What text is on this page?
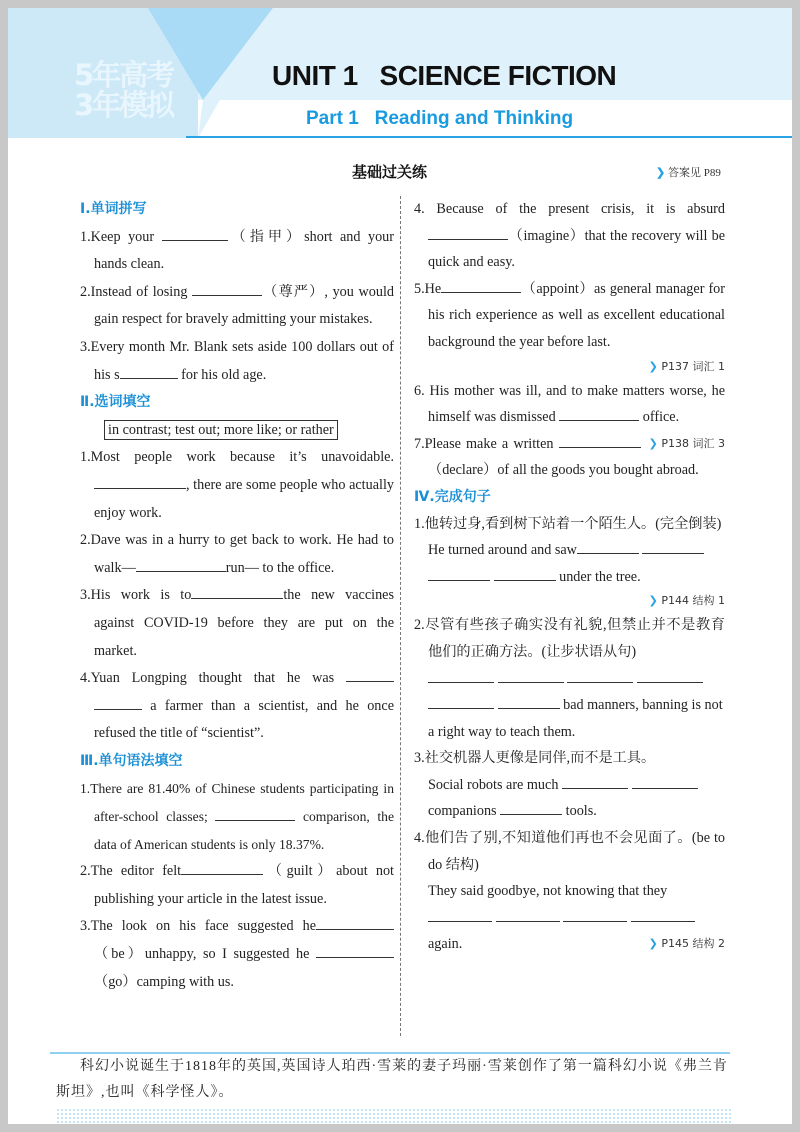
5年高考
3年模拟
UNIT 1   SCIENCE FICTION
Part 1   Reading and Thinking
基础过关练	❯ 答案见 P89
Ⅰ.单词拼写
1.Keep your	（指甲）short and your hands clean.
2.Instead of losing	（尊严）, you would gain respect for bravely admitting your mistakes.
3.Every month Mr. Blank sets aside 100 dollars out of his s	for his old age.
Ⅱ.选词填空
in contrast; test out; more like; or rather
1.Most people work because it’s unavoidable. , there are some people who actually enjoy work.
2.Dave was in a hurry to get back to work. He had to walk—	run— to the office.
3.His work is to	the new vaccines against COVID-19 before they are put on the market.
4.Yuan Longping thought that he was   a farmer than a scientist, and he once refused the title of “scientist”.
Ⅲ.单句语法填空
1.There are 81.40% of Chinese students participating in after-school classes;	comparison, the data of American students is only 18.37%.
2.The editor felt	（guilt）about not publishing your article in the latest issue.
3.The look on his face suggested he（be）unhappy, so I suggested he （go）camping with us.
4. Because of the present crisis, it is absurd （imagine）that the recovery will be quick and easy.
5.He	（appoint）as general manager for his rich experience as well as excellent educational background the year before last.
❯ P137 词汇 1
6. His mother was ill, and to make matters worse, he himself was dismissed	office.
❯ P138 词汇 3
7.Please make a written （declare）of all the goods you bought abroad.
Ⅳ.完成句子
1.他转过身,看到树下站着一个陌生人。(完全倒装)
He turned around and saw
under the tree.
❯ P144 结构 1
2.尽管有些孩子确实没有礼貌,但禁止并不是教育他们的正确方法。(让步状语从句)

bad manners, banning is not a right way to teach them.
3.社交机器人更像是同伴,而不是工具。
Social robots are much
companions	tools.
4.他们告了别,不知道他们再也不会见面了。(be to do 结构)
They said goodbye, not knowing that they

again.	❯ P145 结构 2
科幻小说诞生于1818年的英国,英国诗人珀西·雪莱的妻子玛丽·雪莱创作了第一篇科幻小说《弗兰肯斯坦》,也叫《科学怪人》。
